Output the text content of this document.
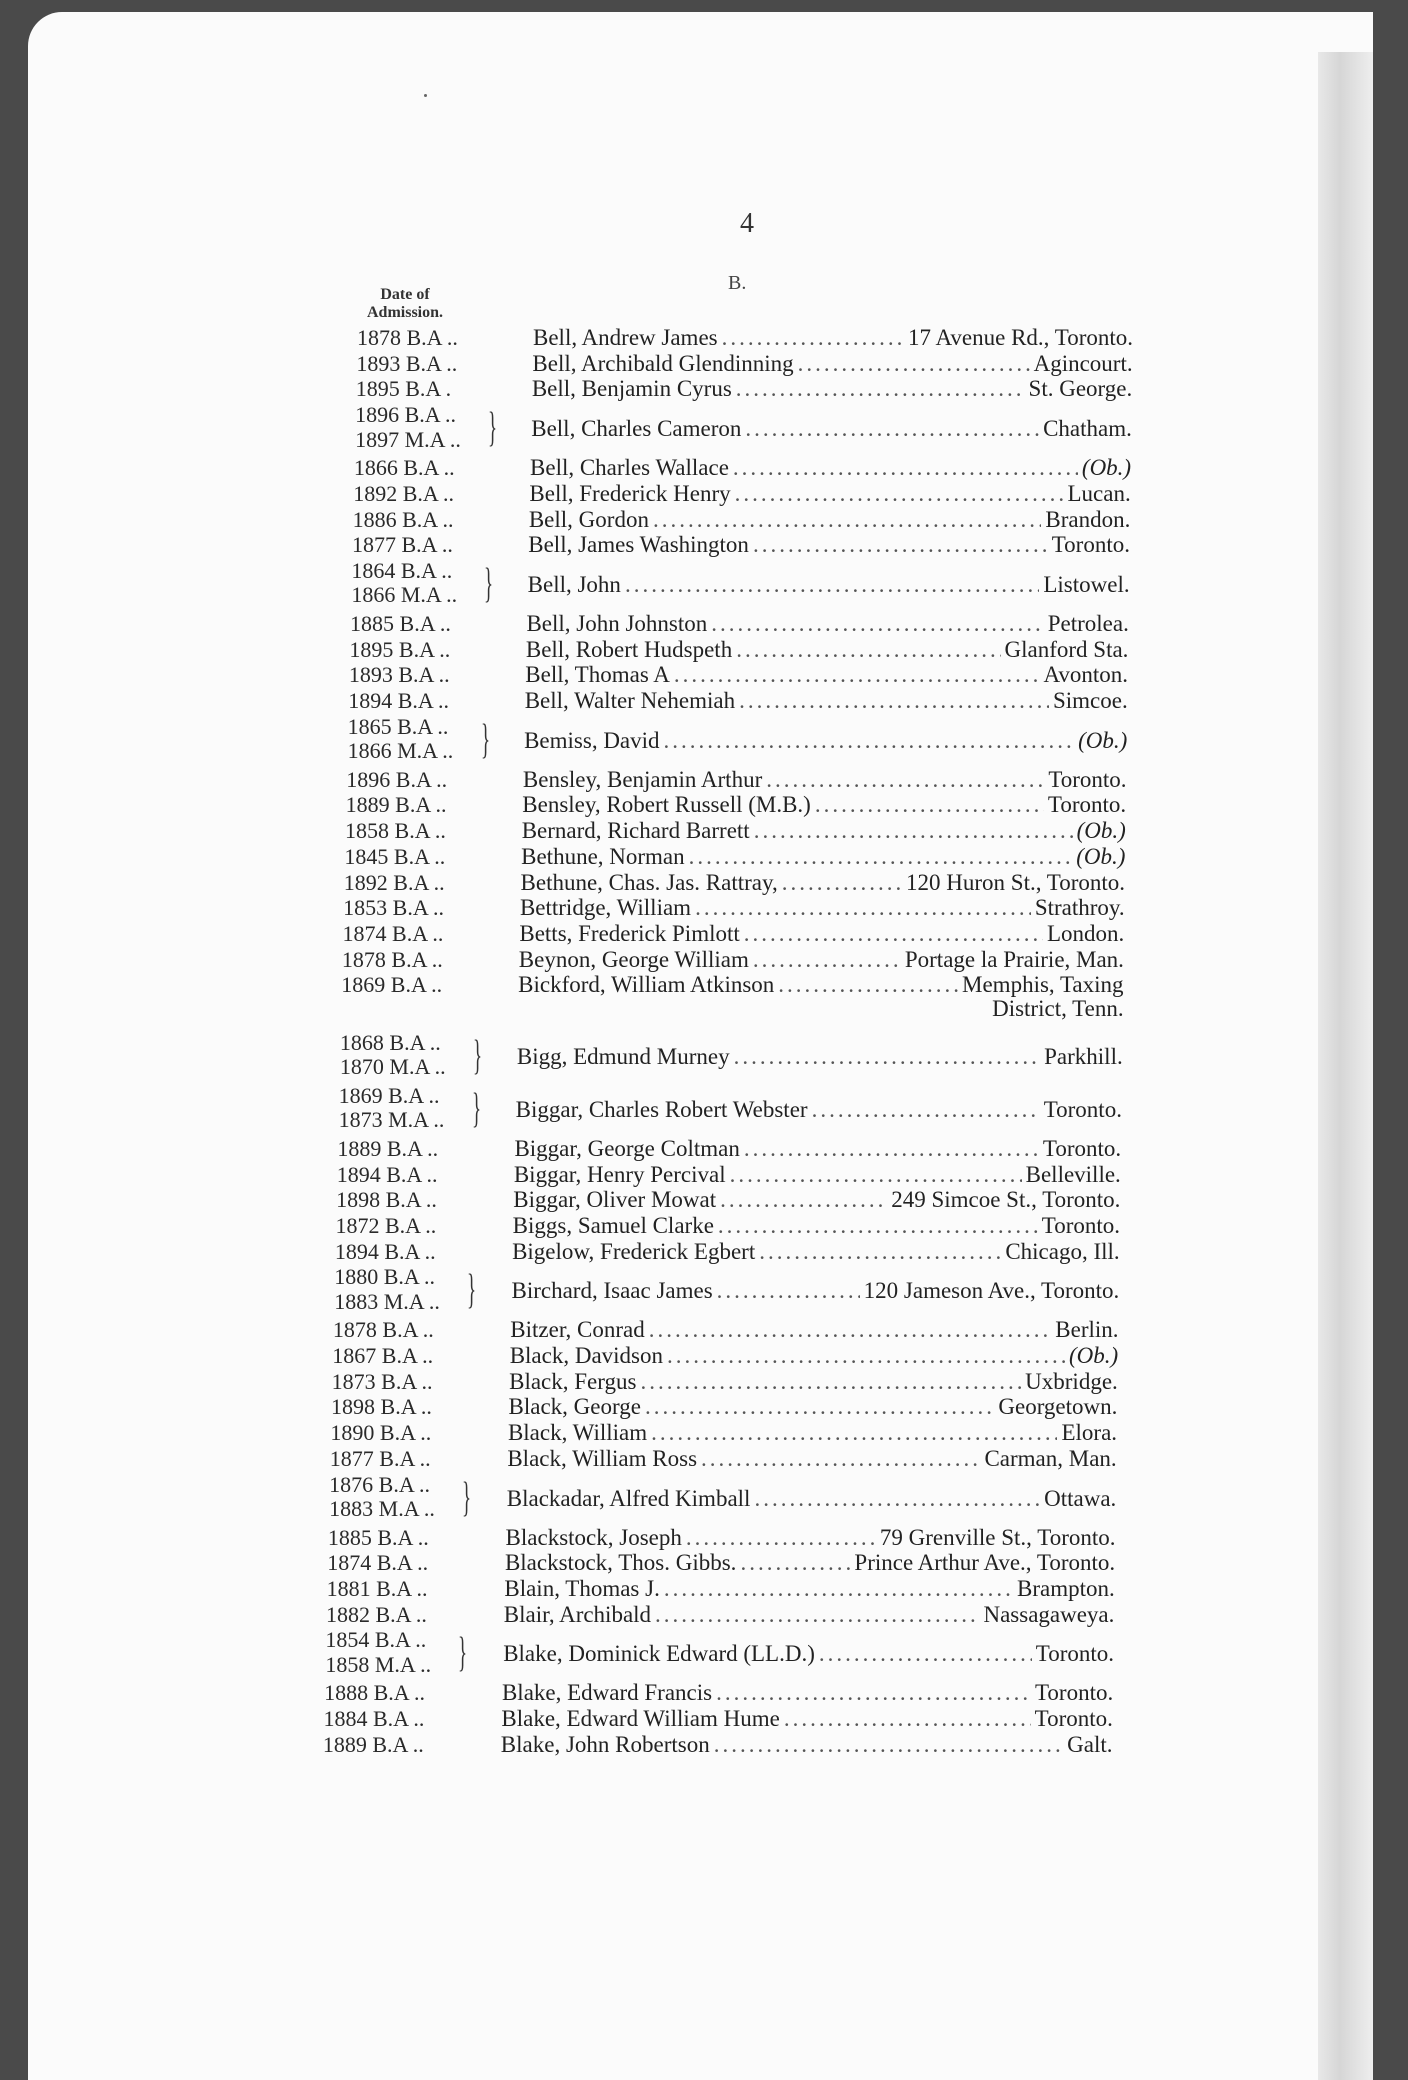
4
B.
Date of Admission.
1878 B.A ..	Bell, Andrew James .....	17 Avenue Rd., Toronto.
1893 B.A ..	Bell, Archibald Glendinning .....	Agincourt.
1895 B.A .	Bell, Benjamin Cyrus .....	St. George.
1896 B.A ..
1897 M.A .. } Bell, Charles Cameron .....	Chatham.
1866 B.A ..	Bell, Charles Wallace .....	(Ob.)
1892 B.A ..	Bell, Frederick Henry .....	Lucan.
1886 B.A ..	Bell, Gordon .....	Brandon.
1877 B.A ..	Bell, James Washington .....	Toronto.
1864 B.A ..
1866 M.A .. } Bell, John .....	Listowel.
1885 B.A ..	Bell, John Johnston .....	Petrolea.
1895 B.A ..	Bell, Robert Hudspeth .....	Glanford Sta.
1893 B.A ..	Bell, Thomas A .....	Avonton.
1894 B.A ..	Bell, Walter Nehemiah .....	Simcoe.
1865 B.A ..
1866 M.A .. } Bemiss, David .....	(Ob.)
1896 B.A ..	Bensley, Benjamin Arthur .....	Toronto.
1889 B.A ..	Bensley, Robert Russell (M.B.) .....	Toronto.
1858 B.A ..	Bernard, Richard Barrett .....	(Ob.)
1845 B.A ..	Bethune, Norman .....	(Ob.)
1892 B.A ..	Bethune, Chas. Jas. Rattray, .....	120 Huron St., Toronto.
1853 B.A ..	Bettridge, William .....	Strathroy.
1874 B.A ..	Betts, Frederick Pimlott .....	London.
1878 B.A ..	Beynon, George William .....	Portage la Prairie, Man.
1869 B.A ..	Bickford, William Atkinson .....	Memphis, Taxing
District, Tenn.
1868 B.A ..
1870 M.A .. } Bigg, Edmund Murney .....	Parkhill.
1869 B.A ..
1873 M.A .. } Biggar, Charles Robert Webster .....	Toronto.
1889 B.A ..	Biggar, George Coltman .....	Toronto.
1894 B.A ..	Biggar, Henry Percival .....	Belleville.
1898 B.A ..	Biggar, Oliver Mowat .....	249 Simcoe St., Toronto.
1872 B.A ..	Biggs, Samuel Clarke .....	Toronto.
1894 B.A ..	Bigelow, Frederick Egbert .....	Chicago, Ill.
1880 B.A ..
1883 M.A .. } Birchard, Isaac James .....	120 Jameson Ave., Toronto.
1878 B.A ..	Bitzer, Conrad .....	Berlin.
1867 B.A ..	Black, Davidson .....	(Ob.)
1873 B.A ..	Black, Fergus .....	Uxbridge.
1898 B.A ..	Black, George .....	Georgetown.
1890 B.A ..	Black, William .....	Elora.
1877 B.A ..	Black, William Ross .....	Carman, Man.
1876 B.A ..
1883 M.A .. } Blackadar, Alfred Kimball .....	Ottawa.
1885 B.A ..	Blackstock, Joseph .....	79 Grenville St., Toronto.
1874 B.A ..	Blackstock, Thos. Gibbs. .....	Prince Arthur Ave., Toronto.
1881 B.A ..	Blain, Thomas J. .....	Brampton.
1882 B.A ..	Blair, Archibald .....	Nassagaweya.
1854 B.A ..
1858 M.A .. } Blake, Dominick Edward (LL.D.) .....	Toronto.
1888 B.A ..	Blake, Edward Francis .....	Toronto.
1884 B.A ..	Blake, Edward William Hume .....	Toronto.
1889 B.A ..	Blake, John Robertson .....	Galt.
